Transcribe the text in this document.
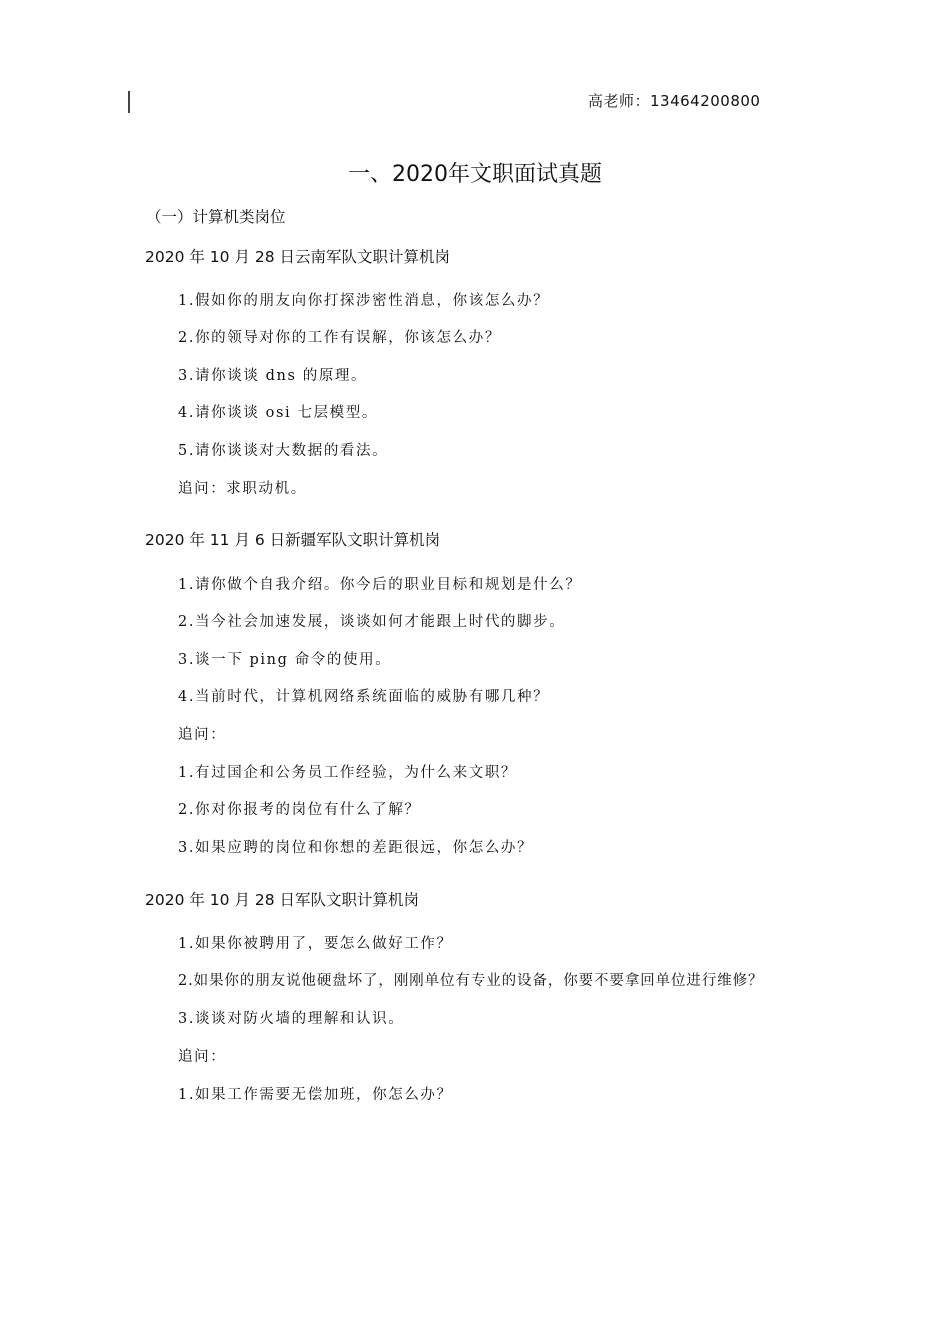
高老师：13464200800
一、2020年文职面试真题
（一）计算机类岗位
2020 年 10 月 28 日云南军队文职计算机岗
1.假如你的朋友向你打探涉密性消息，你该怎么办？
2.你的领导对你的工作有误解，你该怎么办？
3.请你谈谈 dns 的原理。
4.请你谈谈 osi 七层模型。
5.请你谈谈对大数据的看法。
追问：求职动机。
2020 年 11 月 6 日新疆军队文职计算机岗
1.请你做个自我介绍。你今后的职业目标和规划是什么？
2.当今社会加速发展，谈谈如何才能跟上时代的脚步。
3.谈一下 ping 命令的使用。
4.当前时代，计算机网络系统面临的威胁有哪几种？
追问：
1.有过国企和公务员工作经验，为什么来文职？
2.你对你报考的岗位有什么了解？
3.如果应聘的岗位和你想的差距很远，你怎么办？
2020 年 10 月 28 日军队文职计算机岗
1.如果你被聘用了，要怎么做好工作？
2.如果你的朋友说他硬盘坏了，刚刚单位有专业的设备，你要不要拿回单位进行维修？
3.谈谈对防火墙的理解和认识。
追问：
1.如果工作需要无偿加班，你怎么办？
